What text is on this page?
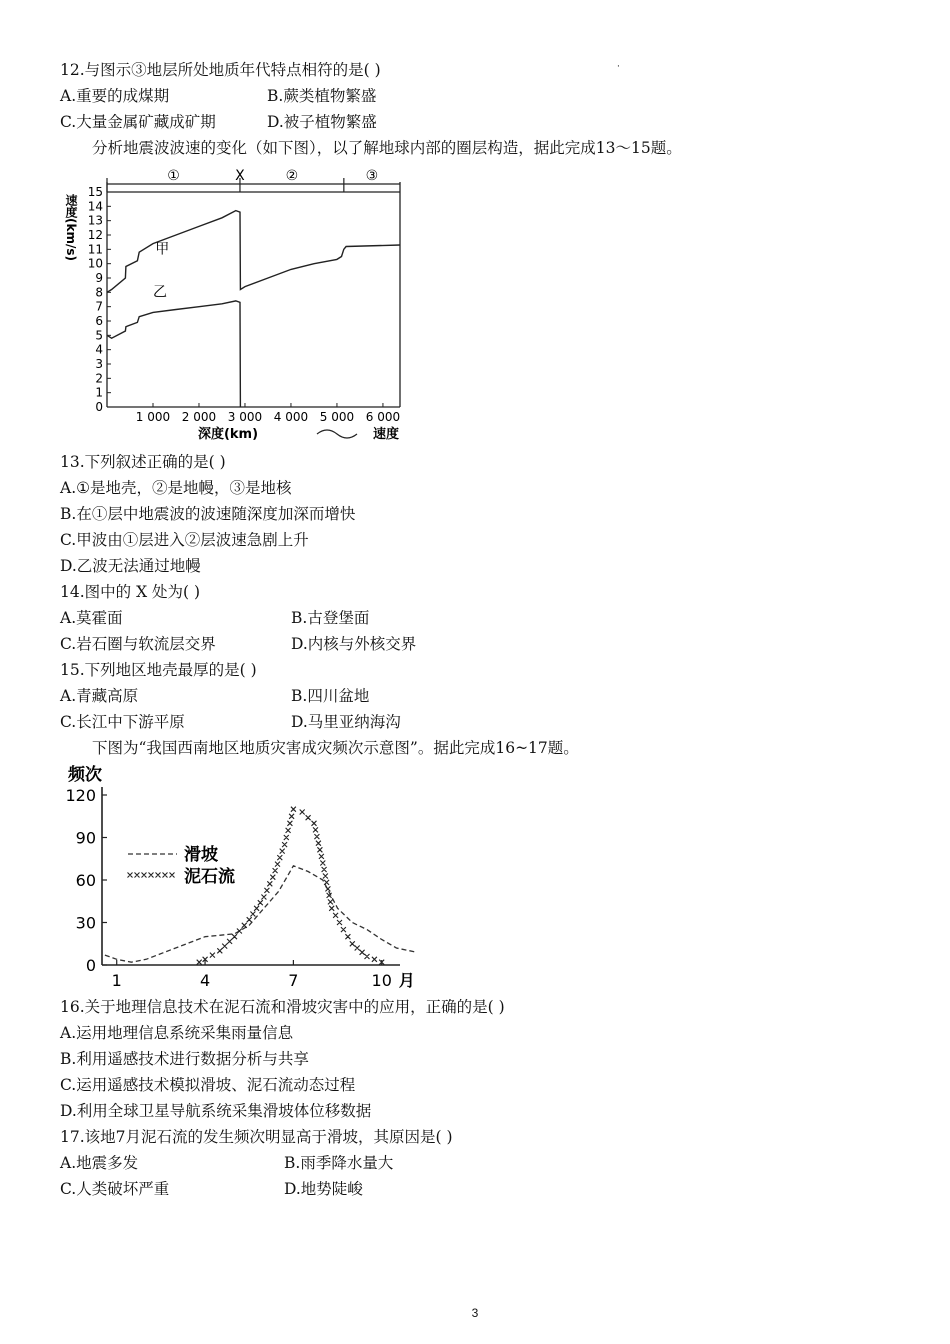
12.与图示③地层所处地质年代特点相符的是( )	·
A.重要的成煤期	B.蕨类植物繁盛
C.大量金属矿藏成矿期	D.被子植物繁盛
分析地震波波速的变化（如下图），以了解地球内部的圈层构造，据此完成13～15题。
①	X	②	③
0
1
2
3
4
5
6
7
8
9
10
11
12
13
14
15
1 000 2 000 3 000 4 000 5 000 6 000
速度(km/s)
深度(km)	速度
甲
乙
13.下列叙述正确的是( )
A.①是地壳，②是地幔，③是地核
B.在①层中地震波的波速随深度加深而增快
C.甲波由①层进入②层波速急剧上升
D.乙波无法通过地幔
14.图中的 X 处为( )
A.莫霍面	B.古登堡面
C.岩石圈与软流层交界	D.内核与外核交界
15.下列地区地壳最厚的是( )
A.青藏高原	B.四川盆地
C.长江中下游平原	D.马里亚纳海沟
下图为“我国西南地区地质灾害成灾频次示意图”。据此完成16~17题。
频次
0
30
60
90
120
1	4	7	10 月
滑坡
泥石流
16.关于地理信息技术在泥石流和滑坡灾害中的应用，正确的是( )
A.运用地理信息系统采集雨量信息
B.利用遥感技术进行数据分析与共享
C.运用遥感技术模拟滑坡、泥石流动态过程
D.利用全球卫星导航系统采集滑坡体位移数据
17.该地7月泥石流的发生频次明显高于滑坡，其原因是( )
A.地震多发	B.雨季降水量大
C.人类破坏严重	D.地势陡峻
3
